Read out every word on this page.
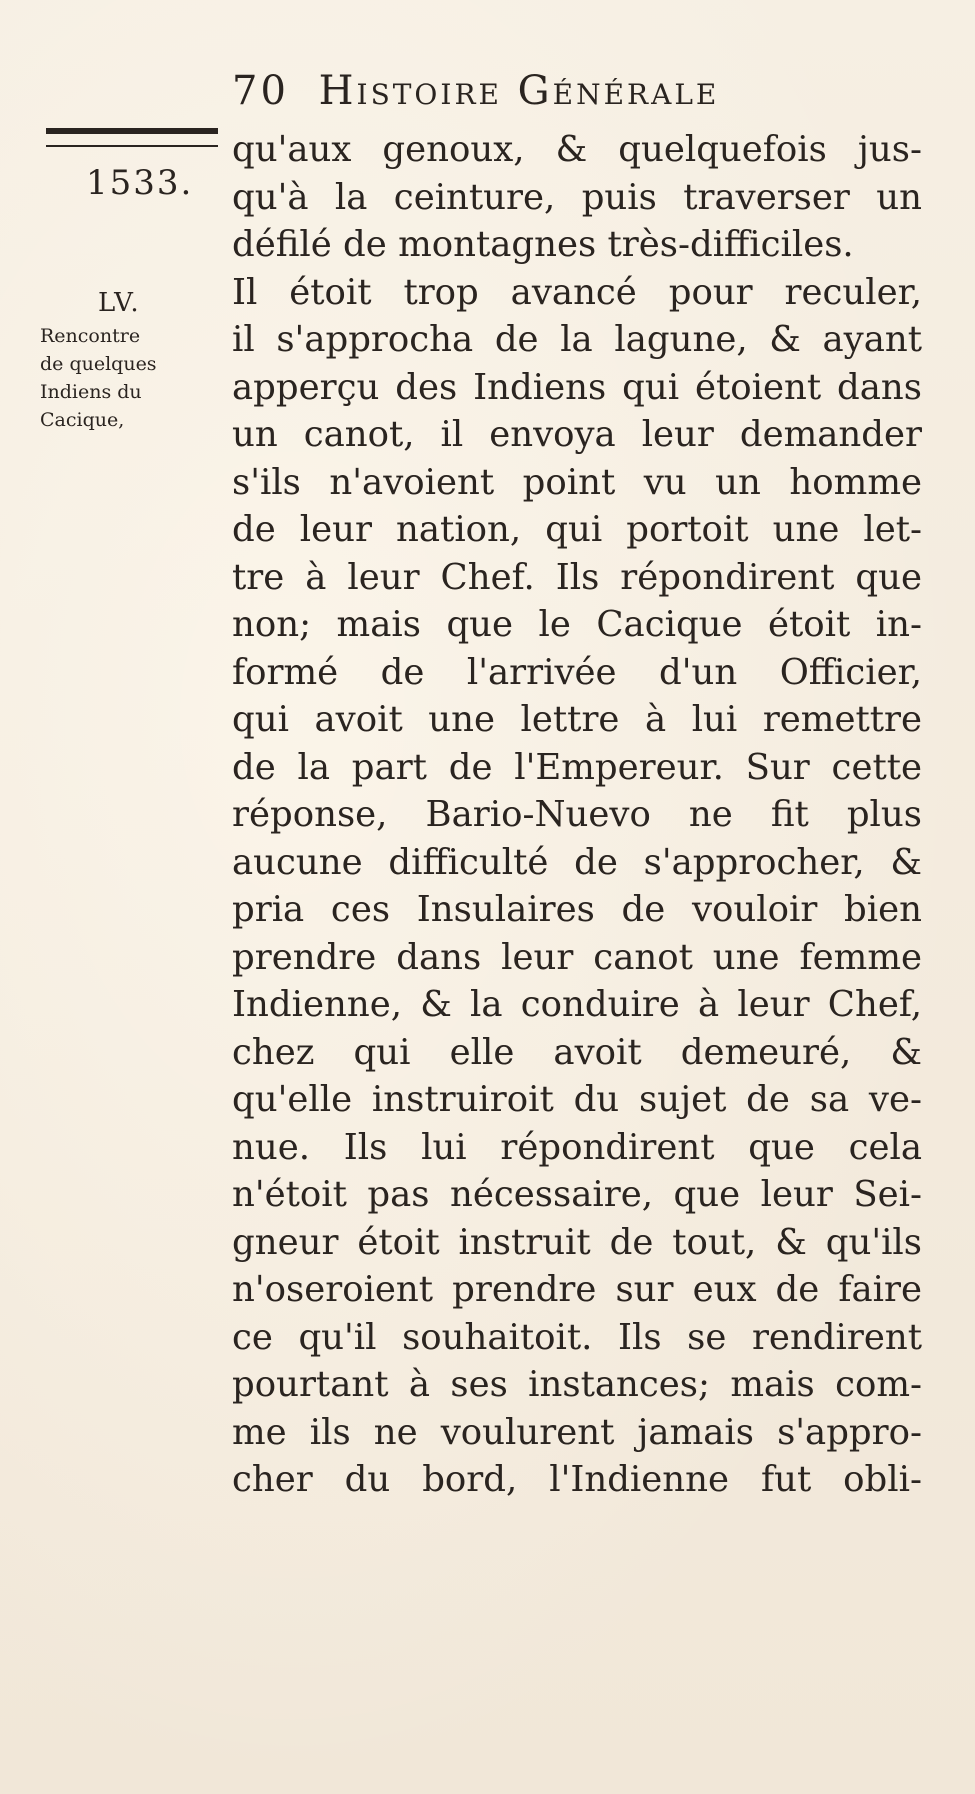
70 Histoire Générale
1533.
LV.
Rencontre
de quelques
Indiens du
Cacique,
qu'aux genoux, & quelquefois jus-
qu'à la ceinture, puis traverser un
défilé de montagnes très-difficiles.
Il étoit trop avancé pour reculer,
il s'approcha de la lagune, & ayant
apperçu des Indiens qui étoient dans
un canot, il envoya leur demander
s'ils n'avoient point vu un homme
de leur nation, qui portoit une let-
tre à leur Chef. Ils répondirent que
non; mais que le Cacique étoit in-
formé de l'arrivée d'un Officier,
qui avoit une lettre à lui remettre
de la part de l'Empereur. Sur cette
réponse, Bario-Nuevo ne fit plus
aucune difficulté de s'approcher, &
pria ces Insulaires de vouloir bien
prendre dans leur canot une femme
Indienne, & la conduire à leur Chef,
chez qui elle avoit demeuré, &
qu'elle instruiroit du sujet de sa ve-
nue. Ils lui répondirent que cela
n'étoit pas nécessaire, que leur Sei-
gneur étoit instruit de tout, & qu'ils
n'oseroient prendre sur eux de faire
ce qu'il souhaitoit. Ils se rendirent
pourtant à ses instances; mais com-
me ils ne voulurent jamais s'appro-
cher du bord, l'Indienne fut obli-
